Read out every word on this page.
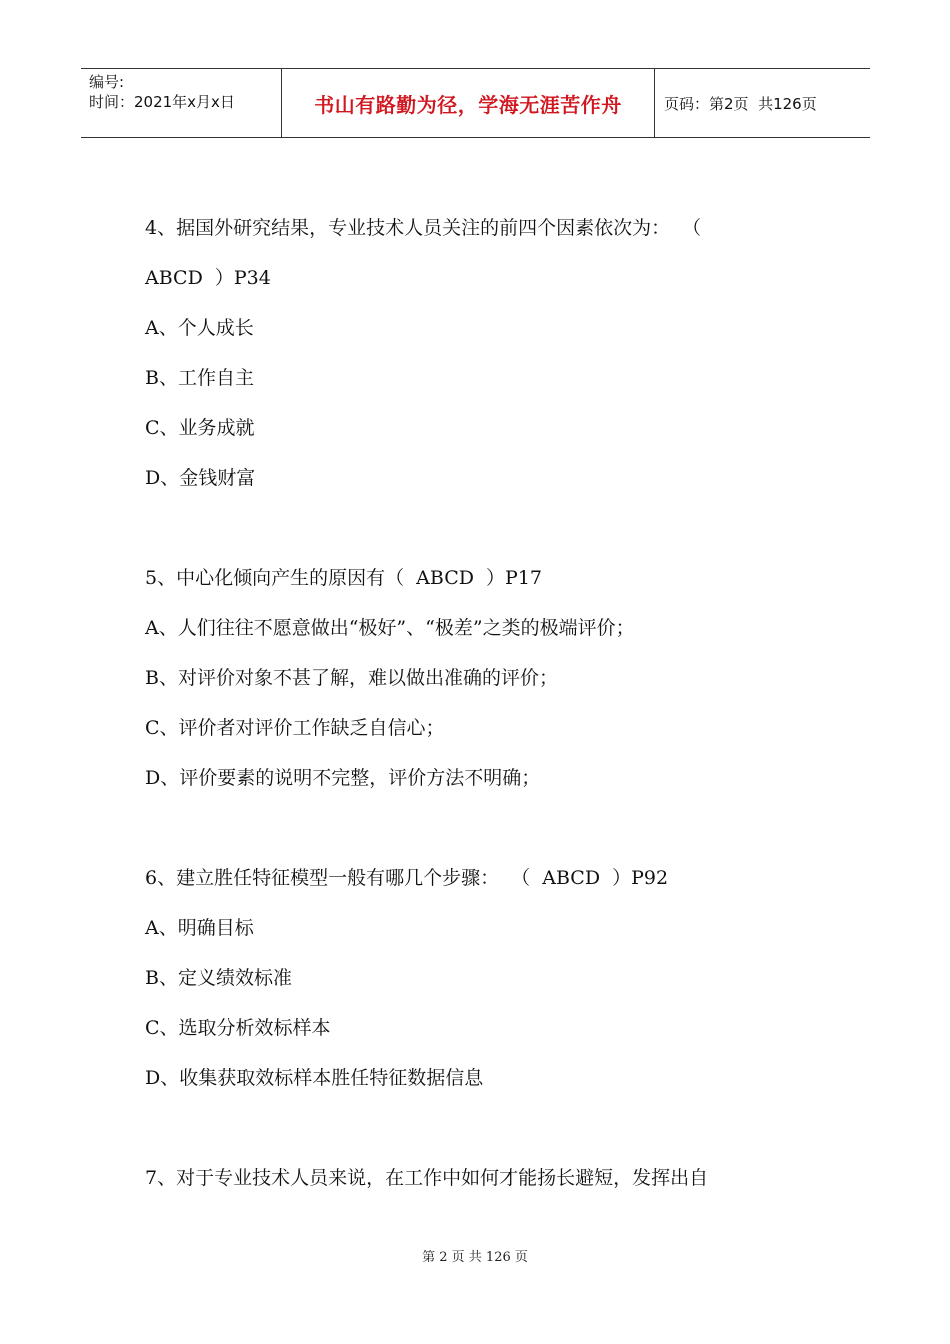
编号:
时间：2021年x月x日	书山有路勤为径，学海无涯苦作舟	页码：第2页  共126页
4、据国外研究结果，专业技术人员关注的前四个因素依次为：  （
ABCD  ）P34
A、个人成长
B、工作自主
C、业务成就
D、金钱财富
5、中心化倾向产生的原因有（  ABCD  ）P17
A、人们往往不愿意做出“极好”、“极差”之类的极端评价；
B、对评价对象不甚了解，难以做出准确的评价；
C、评价者对评价工作缺乏自信心；
D、评价要素的说明不完整，评价方法不明确；
6、建立胜任特征模型一般有哪几个步骤：  （  ABCD  ）P92
A、明确目标
B、定义绩效标准
C、选取分析效标样本
D、收集获取效标样本胜任特征数据信息
7、对于专业技术人员来说，在工作中如何才能扬长避短，发挥出自
第 2 页 共 126 页
